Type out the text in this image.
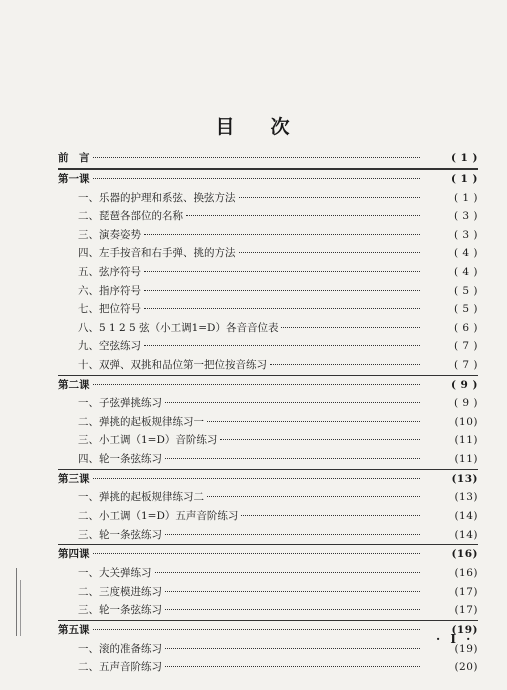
目 次
前　言	( 1 )
第一课	( 1 )
一、乐器的护理和系弦、换弦方法	( 1 )
二、琵琶各部位的名称	( 3 )
三、演奏姿势	( 3 )
四、左手按音和右手弹、挑的方法	( 4 )
五、弦序符号	( 4 )
六、指序符号	( 5 )
七、把位符号	( 5 )
八、5 1 2 5 弦（小工调1=D）各音音位表	( 6 )
九、空弦练习	( 7 )
十、双弹、双挑和品位第一把位按音练习	( 7 )
第二课	( 9 )
一、子弦弹挑练习	( 9 )
二、弹挑的起板规律练习一	(10)
三、小工调（1=D）音阶练习	(11)
四、轮一条弦练习	(11)
第三课	(13)
一、弹挑的起板规律练习二	(13)
二、小工调（1=D）五声音阶练习	(14)
三、轮一条弦练习	(14)
第四课	(16)
一、大关弹练习	(16)
二、三度模进练习	(17)
三、轮一条弦练习	(17)
第五课	(19)
一、滚的准备练习	(19)
二、五声音阶练习	(20)
· I ·
